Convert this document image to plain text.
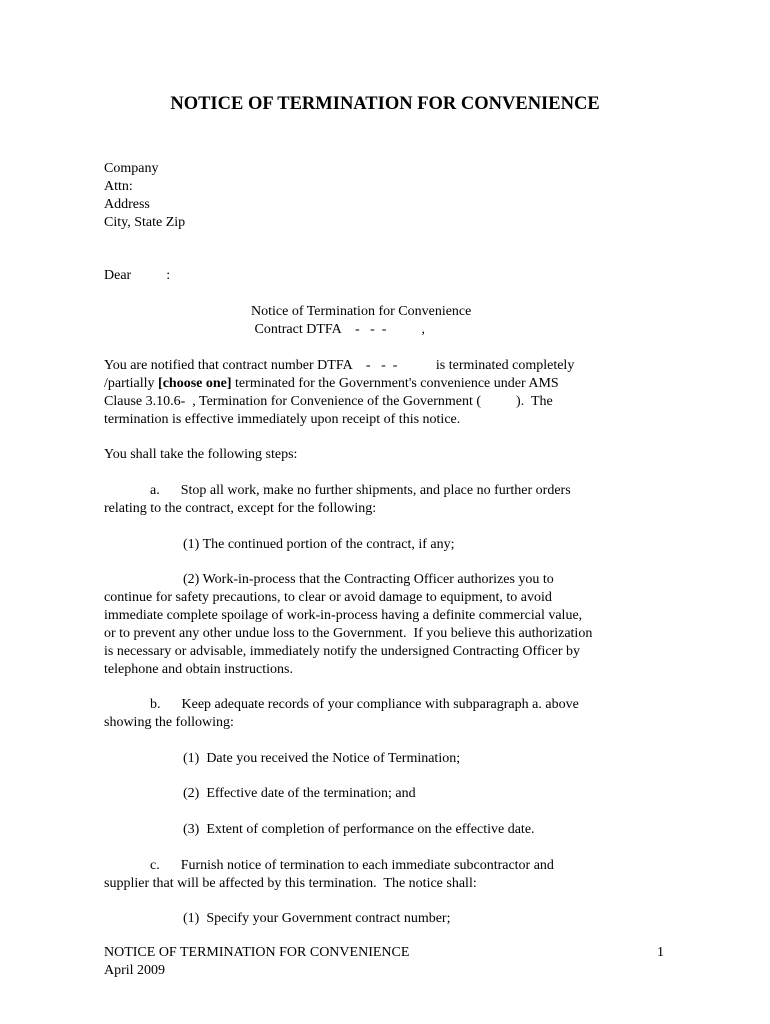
NOTICE OF TERMINATION FOR CONVENIENCE
Company
Attn:
Address
City, State Zip
Dear          :
Notice of Termination for Convenience
Contract DTFA    -   -  -          ,
You are notified that contract number DTFA    -   -  -           is terminated completely
/partially [choose one] terminated for the Government's convenience under AMS
Clause 3.10.6-  , Termination for Convenience of the Government (          ).  The
termination is effective immediately upon receipt of this notice.
You shall take the following steps:
a.      Stop all work, make no further shipments, and place no further orders
relating to the contract, except for the following:
(1) The continued portion of the contract, if any;
(2) Work-in-process that the Contracting Officer authorizes you to
continue for safety precautions, to clear or avoid damage to equipment, to avoid
immediate complete spoilage of work-in-process having a definite commercial value,
or to prevent any other undue loss to the Government.  If you believe this authorization
is necessary or advisable, immediately notify the undersigned Contracting Officer by
telephone and obtain instructions.
b.      Keep adequate records of your compliance with subparagraph a. above
showing the following:
(1)  Date you received the Notice of Termination;
(2)  Effective date of the termination; and
(3)  Extent of completion of performance on the effective date.
c.      Furnish notice of termination to each immediate subcontractor and
supplier that will be affected by this termination.  The notice shall:
(1)  Specify your Government contract number;
NOTICE OF TERMINATION FOR CONVENIENCE
April 2009
1
